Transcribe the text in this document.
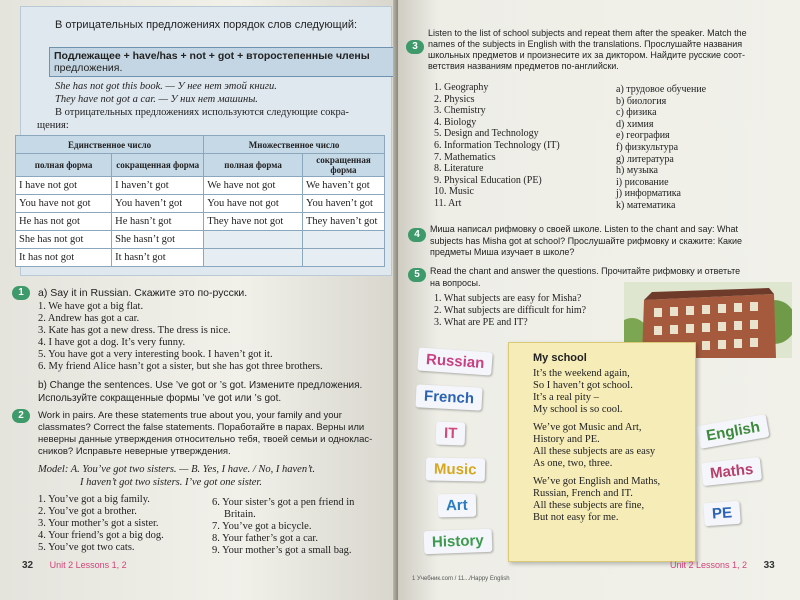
В отрицательных предложениях порядок слов следующий:
Подлежащее + have/has + not + got + второстепенные члены
предложения.
She has not got this book. — У нее нет этой книги.
They have not got a car. — У них нет машины.
В отрицательных предложениях используются следующие сокра-
щения:
Единственное число		Множественное число	
полная форма	сокращенная форма	полная форма	сокращенная форма
I have not got	I haven’t got	We have not got	We haven’t got
You have not got	You haven’t got	You have not got	You haven’t got
He has not got	He hasn’t got	They have not got	They haven’t got
She has not got	She hasn’t got		
It has not got	It hasn’t got		
1	a) Say it in Russian. Скажите это по-русски.
1. We have got a big flat.
2. Andrew has got a car.
3. Kate has got a new dress. The dress is nice.
4. I have got a dog. It’s very funny.
5. You have got a very interesting book. I haven’t got it.
6. My friend Alice hasn’t got a sister, but she has got three brothers.
b) Change the sentences. Use ’ve got or ’s got. Измените предложения.
Используйте сокращенные формы ’ve got или ’s got.
2	Work in pairs. Are these statements true about you, your family and your
classmates? Correct the false statements. Поработайте в парах. Верны или
неверны данные утверждения относительно тебя, твоей семьи и одноклас-
сников? Исправьте неверные утверждения.
Model: A. You’ve got two sisters. — B. Yes, I have. / No, I haven’t.
I haven’t got two sisters. I’ve got one sister.
1. You’ve got a big family.
2. You’ve got a brother.
3. Your mother’s got a sister.
4. Your friend’s got a big dog.
5. You’ve got two cats.
6. Your sister’s got a pen friend in
Britain.
7. You’ve got a bicycle.
8. Your father’s got a car.
9. Your mother’s got a small bag.
32 Unit 2 Lessons 1, 2
3
Listen to the list of school subjects and repeat them after the speaker. Match the
names of the subjects in English with the translations. Прослушайте названия
школьных предметов и произнесите их за диктором. Найдите русские соот-
ветствия названиям предметов по-английски.
1. Geography
2. Physics
3. Chemistry
4. Biology
5. Design and Technology
6. Information Technology (IT)
7. Mathematics
8. Literature
9. Physical Education (PE)
10. Music
11. Art
a) трудовое обучение
b) биология
c) физика
d) химия
e) география
f) физкультура
g) литература
h) музыка
i) рисование
j) информатика
k) математика
4	Миша написал рифмовку о своей школе. Listen to the chant and say: What
subjects has Misha got at school? Прослушайте рифмовку и скажите: Какие
предметы Миша изучает в школе?
5	Read the chant and answer the questions. Прочитайте рифмовку и ответьте
на вопросы.
1. What subjects are easy for Misha?
2. What subjects are difficult for him?
3. What are PE and IT?
Russian
French
IT
Music
Art
History
English
Maths
PE
My school
It’s the weekend again,
So I haven’t got school.
It’s a real pity –
My school is so cool.
We’ve got Music and Art,
History and PE.
All these subjects are as easy
As one, two, three.
We’ve got English and Maths,
Russian, French and IT.
All these subjects are fine,
But not easy for me.
1 Учебник.com / 11.../Happy English
Unit 2 Lessons 1, 2 33
